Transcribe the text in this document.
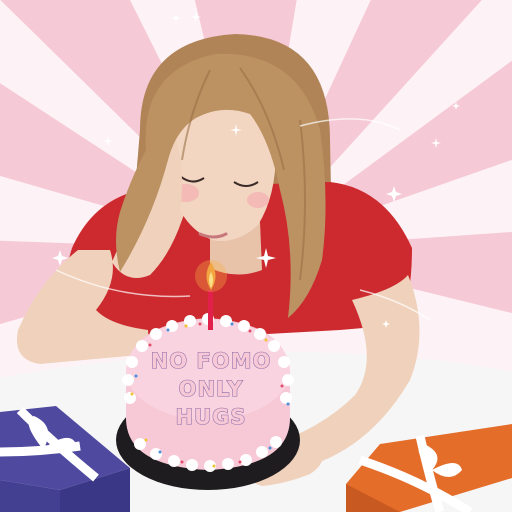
NO FOMO
ONLY
HUGS
